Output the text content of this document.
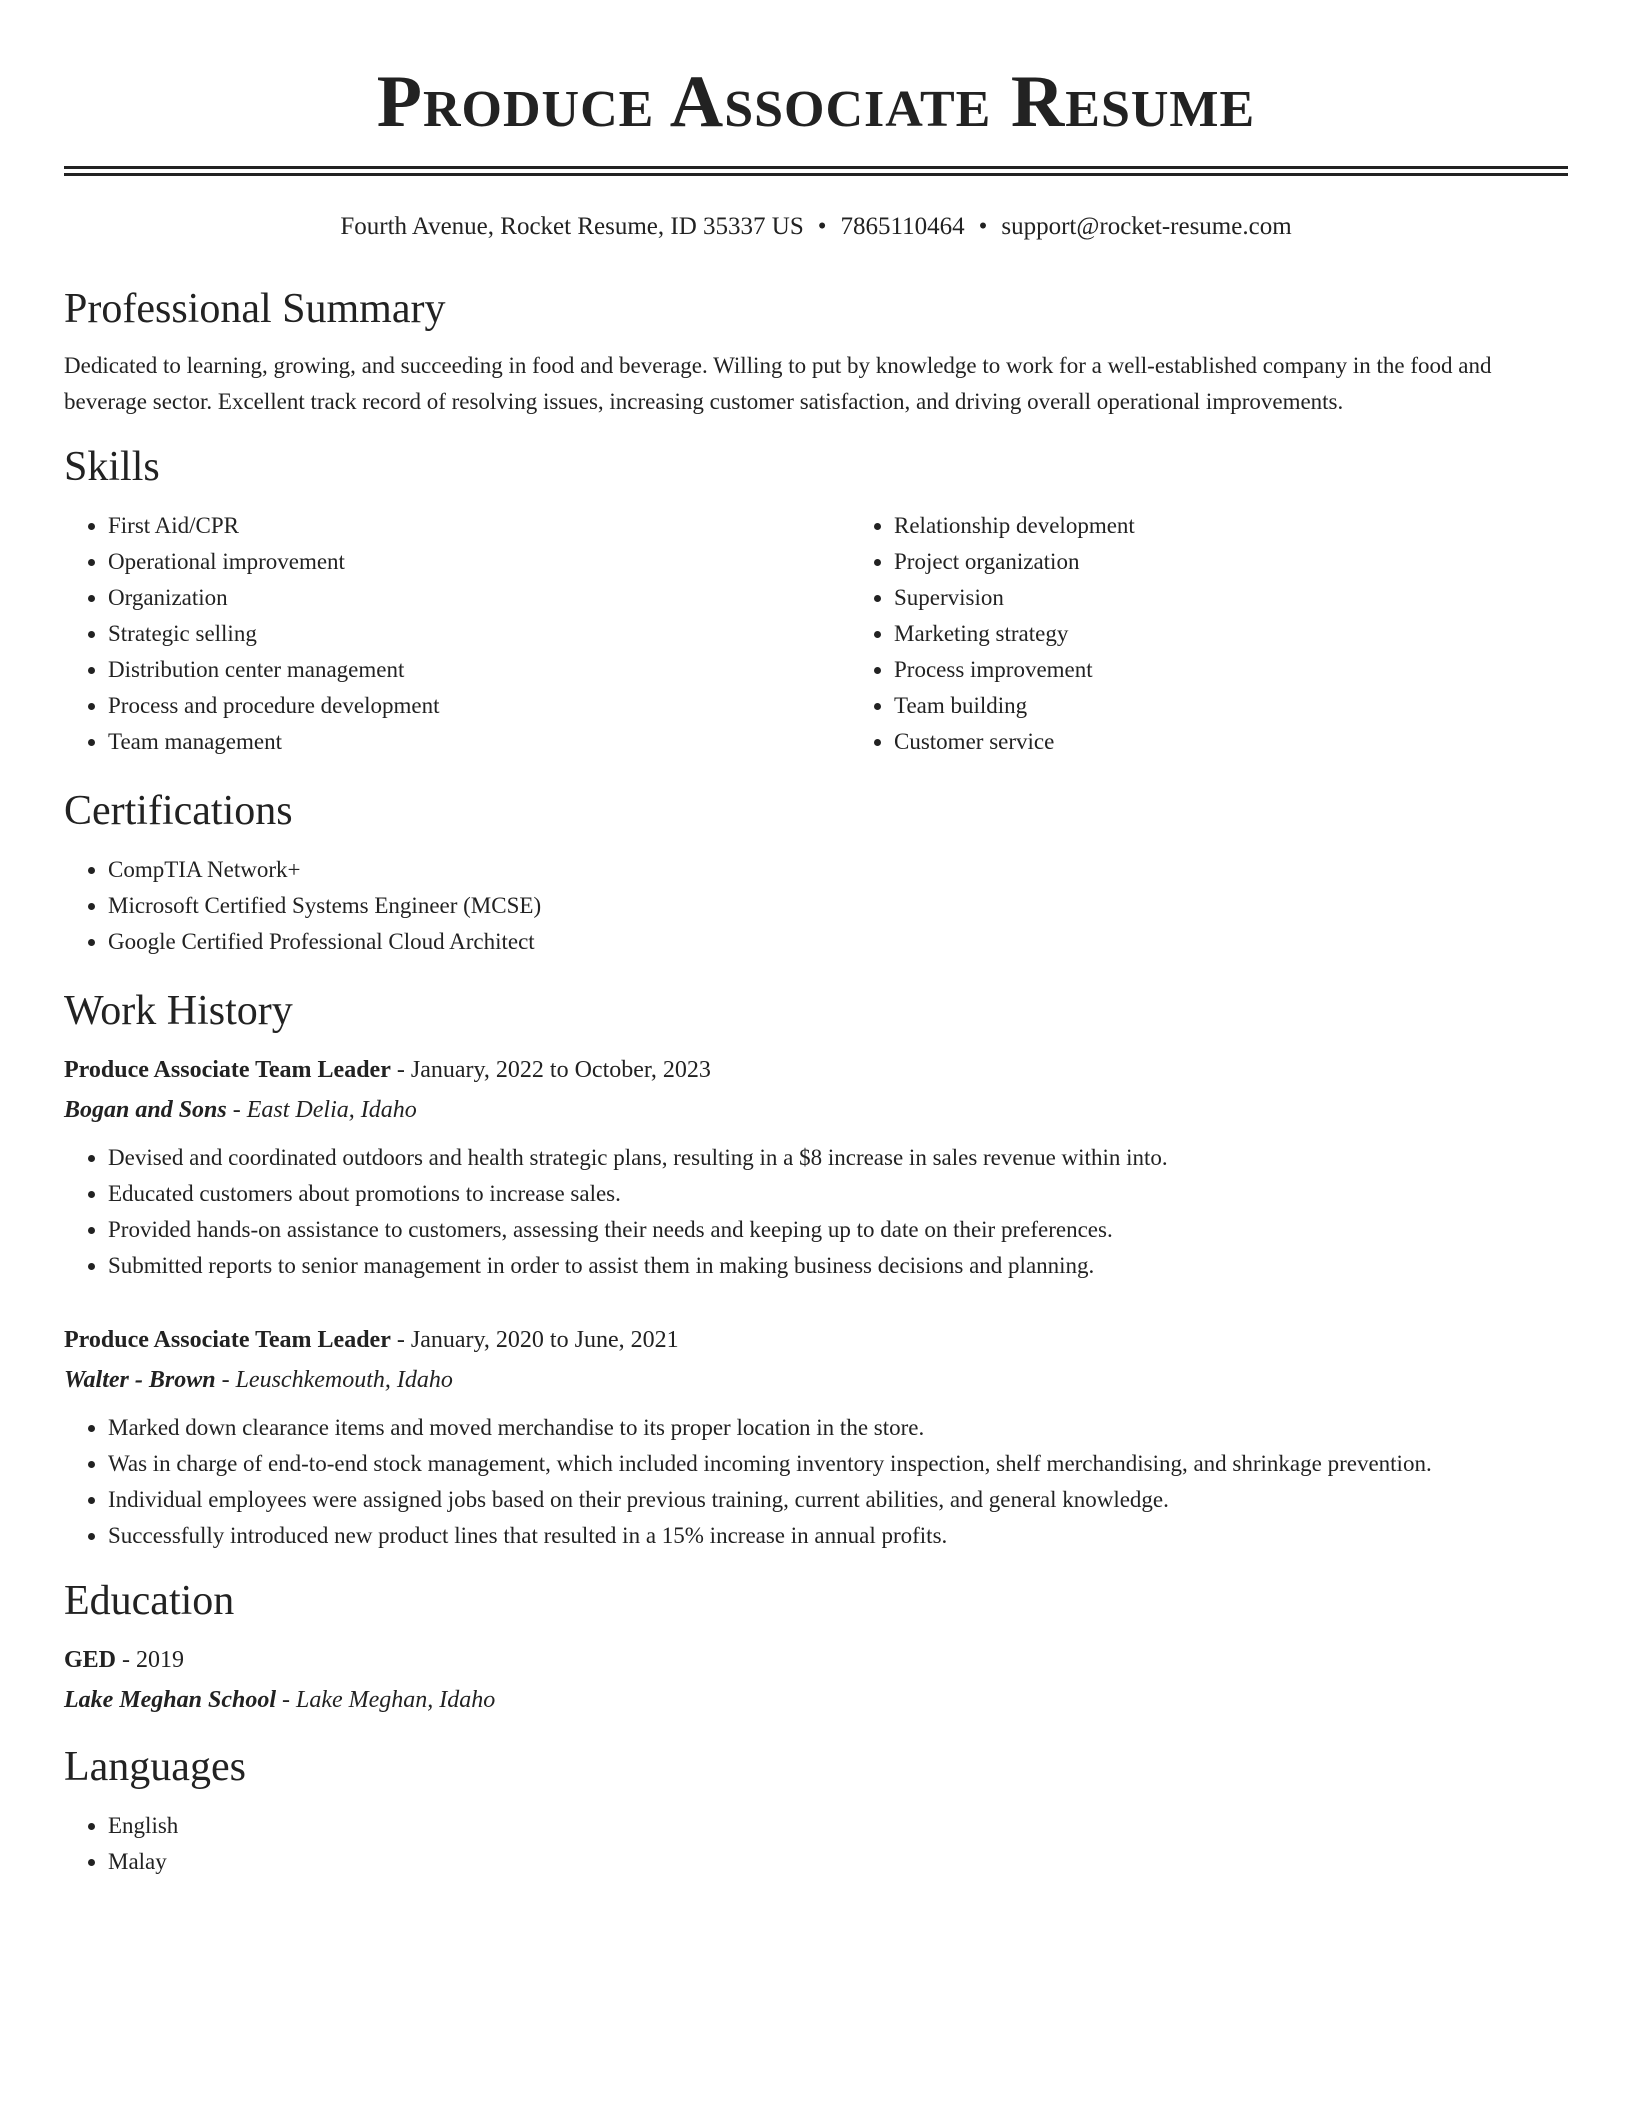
Produce Associate Resume
Fourth Avenue, Rocket Resume, ID 35337 US • 7865110464 • support@rocket-resume.com
Professional Summary

Dedicated to learning, growing, and succeeding in food and beverage. Willing to put by knowledge to work for a well-established company in the food and beverage sector. Excellent track record of resolving issues, increasing customer satisfaction, and driving overall operational improvements.

Skills
• First Aid/CPR
• Operational improvement
• Organization
• Strategic selling
• Distribution center management
• Process and procedure development
• Team management
• Relationship development
• Project organization
• Supervision
• Marketing strategy
• Process improvement
• Team building
• Customer service
Certifications
• CompTIA Network+
• Microsoft Certified Systems Engineer (MCSE)
• Google Certified Professional Cloud Architect
Work History
Produce Associate Team Leader - January, 2022 to October, 2023
Bogan and Sons - East Delia, Idaho
• Devised and coordinated outdoors and health strategic plans, resulting in a $8 increase in sales revenue within into.
• Educated customers about promotions to increase sales.
• Provided hands-on assistance to customers, assessing their needs and keeping up to date on their preferences.
• Submitted reports to senior management in order to assist them in making business decisions and planning.
Produce Associate Team Leader - January, 2020 to June, 2021
Walter - Brown - Leuschkemouth, Idaho
• Marked down clearance items and moved merchandise to its proper location in the store.
• Was in charge of end-to-end stock management, which included incoming inventory inspection, shelf merchandising, and shrinkage prevention.
• Individual employees were assigned jobs based on their previous training, current abilities, and general knowledge.
• Successfully introduced new product lines that resulted in a 15% increase in annual profits.
Education
GED - 2019
Lake Meghan School - Lake Meghan, Idaho
Languages
• English
• Malay
